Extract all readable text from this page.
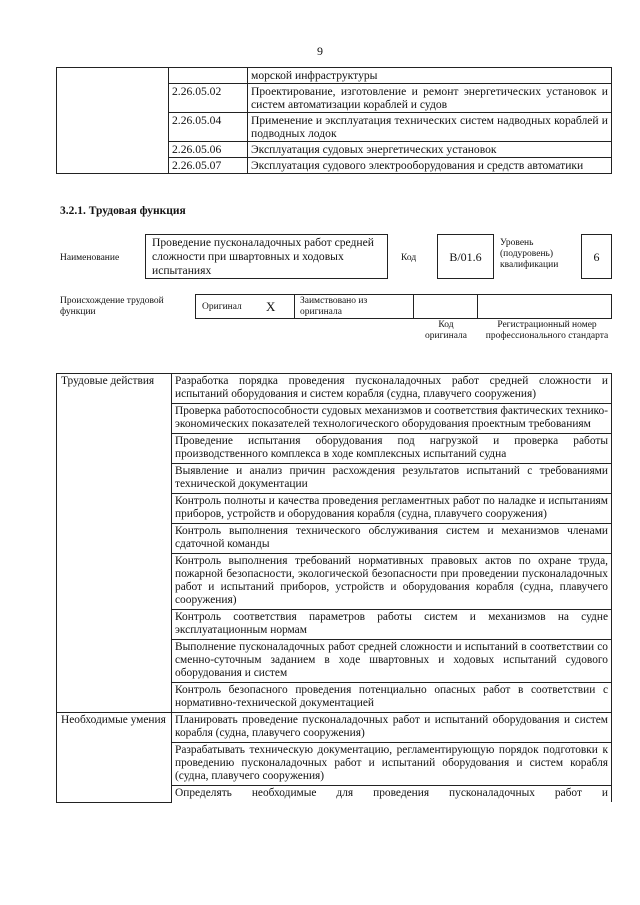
9
		морской инфраструктуры
	2.26.05.02	Проектирование, изготовление и ремонт энергетических установок и систем автоматизации кораблей и судов
	2.26.05.04	Применение и эксплуатация технических систем надводных кораблей и подводных лодок
	2.26.05.06	Эксплуатация судовых энергетических установок
	2.26.05.07	Эксплуатация судового электрооборудования и средств автоматики
3.2.1. Трудовая функция
Наименование
Проведение пусконаладочных работ средней сложности при швартовных и ходовых испытаниях
Код	B/01.6
Уровень (подуровень) квалификации
6
Происхождение трудовой функции	Оригинал X	Заимствовано из оригинала
Код оригинала
Регистрационный номер профессионального стандарта
Трудовые действия	Разработка порядка проведения пусконаладочных работ средней сложности и испытаний оборудования и систем корабля (судна, плавучего сооружения)
	Проверка работоспособности судовых механизмов и соответствия фактических технико-экономических показателей технологического оборудования проектным требованиям
	Проведение испытания оборудования под нагрузкой и проверка работы производственного комплекса в ходе комплексных испытаний судна
	Выявление и анализ причин расхождения результатов испытаний с требованиями технической документации
	Контроль полноты и качества проведения регламентных работ по наладке и испытаниям приборов, устройств и оборудования корабля (судна, плавучего сооружения)
	Контроль выполнения технического обслуживания систем и механизмов членами сдаточной команды
	Контроль выполнения требований нормативных правовых актов по охране труда, пожарной безопасности, экологической безопасности при проведении пусконаладочных работ и испытаний приборов, устройств и оборудования корабля (судна, плавучего сооружения)
	Контроль соответствия параметров работы систем и механизмов на судне эксплуатационным нормам
	Выполнение пусконаладочных работ средней сложности и испытаний в соответствии со сменно-суточным заданием в ходе швартовных и ходовых испытаний судового оборудования и систем
	Контроль безопасного проведения потенциально опасных работ в соответствии с нормативно-технической документацией
Необходимые умения	Планировать проведение пусконаладочных работ и испытаний оборудования и систем корабля (судна, плавучего сооружения)
	Разрабатывать техническую документацию, регламентирующую порядок подготовки к проведению пусконаладочных работ и испытаний оборудования и систем корабля (судна, плавучего сооружения)
	Определять необходимые для проведения пусконаладочных работ и
